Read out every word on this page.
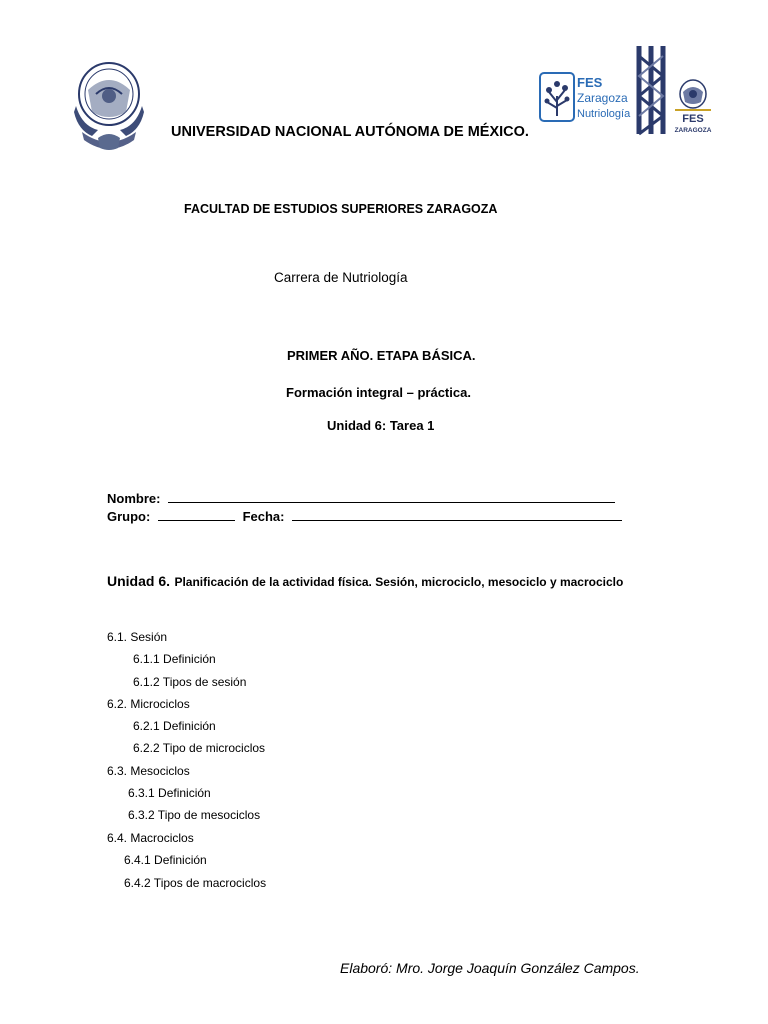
FES
Zaragoza
Nutriología	FES
ZARAGOZA
UNIVERSIDAD NACIONAL AUTÓNOMA DE MÉXICO.
FACULTAD DE ESTUDIOS SUPERIORES ZARAGOZA
Carrera de Nutriología
PRIMER AÑO. ETAPA BÁSICA.
Formación integral – práctica.
Unidad 6: Tarea 1
Nombre:
Grupo:	Fecha:
Unidad 6. Planificación de la actividad física. Sesión, microciclo, mesociclo y macrociclo
6.1. Sesión
6.1.1 Definición
6.1.2 Tipos de sesión
6.2. Microciclos
6.2.1 Definición
6.2.2 Tipo de microciclos
6.3. Mesociclos
6.3.1 Definición
6.3.2 Tipo de mesociclos
6.4. Macrociclos
6.4.1 Definición
6.4.2 Tipos de macrociclos
Elaboró: Mro. Jorge Joaquín González Campos.
